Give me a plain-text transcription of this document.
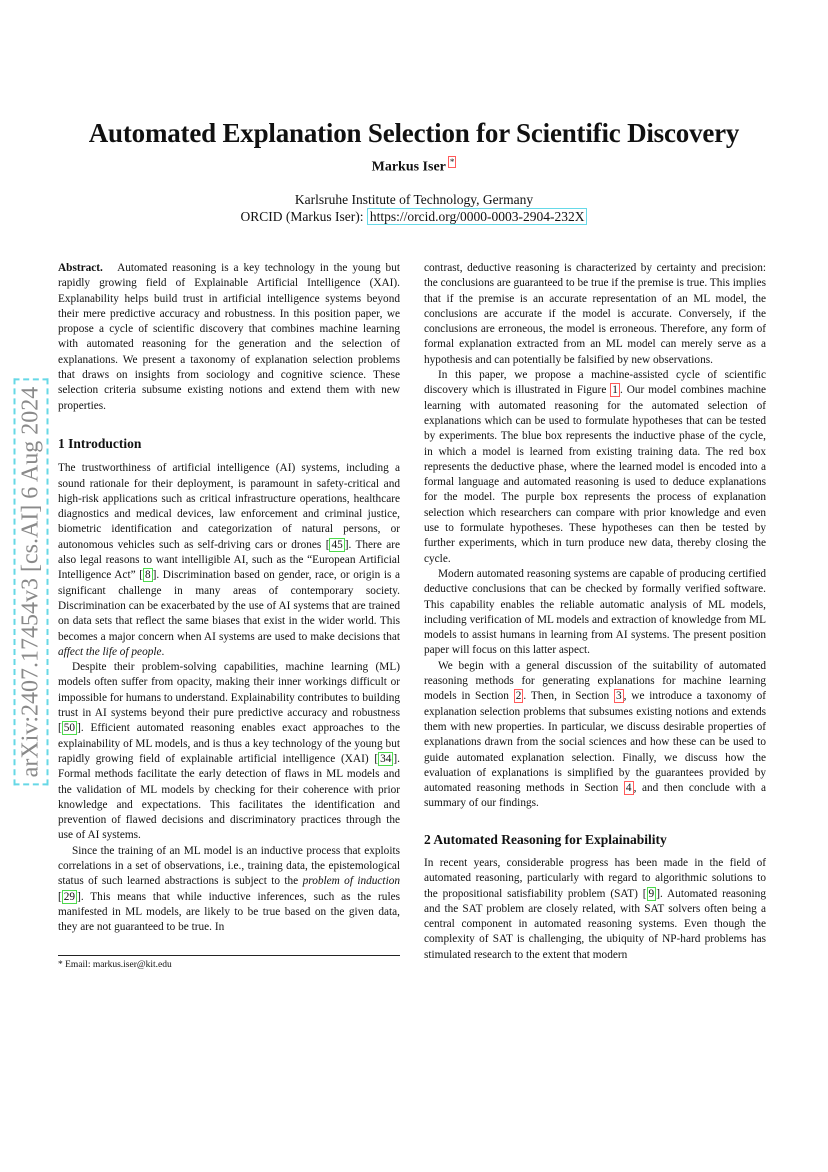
Automated Explanation Selection for Scientific Discovery
Markus Iser *
Karlsruhe Institute of Technology, Germany
ORCID (Markus Iser): https://orcid.org/0000-0003-2904-232X
arXiv:2407.17454v3 [cs.AI] 6 Aug 2024

Abstract. Automated reasoning is a key technology in the young but rapidly growing field of Explainable Artificial Intelligence (XAI). Explanability helps build trust in artificial intelligence systems beyond their mere predictive accuracy and robustness. In this position paper, we propose a cycle of scientific discovery that combines machine learning with automated reasoning for the generation and the selection of explanations. We present a taxonomy of explanation selection problems that draws on insights from sociology and cognitive science. These selection criteria subsume existing notions and extend them with new properties.

1 Introduction

The trustworthiness of artificial intelligence (AI) systems, including a sound rationale for their deployment, is paramount in safety-critical and high-risk applications such as critical infrastructure operations, healthcare diagnostics and medical devices, law enforcement and criminal justice, biometric identification and categorization of natural persons, or autonomous vehicles such as self-driving cars or drones [ 45 ]. There are also legal reasons to want intelligible AI, such as the “European Artificial Intelligence Act” [ 8 ]. Discrimination based on gender, race, or origin is a significant challenge in many areas of contemporary society. Discrimination can be exacerbated by the use of AI systems that are trained on data sets that reflect the same biases that exist in the wider world. This becomes a major concern when AI systems are used to make decisions that affect the life of people.

Despite their problem-solving capabilities, machine learning (ML) models often suffer from opacity, making their inner workings difficult or impossible for humans to understand. Explainability contributes to building trust in AI systems beyond their pure predictive accuracy and robustness [ 50 ]. Efficient automated reasoning enables exact approaches to the explainability of ML models, and is thus a key technology of the young but rapidly growing field of explainable artificial intelligence (XAI) [ 34 ]. Formal methods facilitate the early detection of flaws in ML models and the validation of ML models by checking for their coherence with prior knowledge and expectations. This facilitates the identification and prevention of flawed decisions and discriminatory practices through the use of AI systems.

Since the training of an ML model is an inductive process that exploits correlations in a set of observations, i.e., training data, the epistemological status of such learned abstractions is subject to the problem of induction [ 29 ]. This means that while inductive inferences, such as the rules manifested in ML models, are likely to be true based on the given data, they are not guaranteed to be true. In

* Email: markus.iser@kit.edu

contrast, deductive reasoning is characterized by certainty and precision: the conclusions are guaranteed to be true if the premise is true. This implies that if the premise is an accurate representation of an ML model, the conclusions are accurate if the model is accurate. Conversely, if the conclusions are erroneous, the model is erroneous. Therefore, any form of formal explanation extracted from an ML model can merely serve as a hypothesis and can potentially be falsified by new observations.

In this paper, we propose a machine-assisted cycle of scientific discovery which is illustrated in Figure 1 . Our model combines machine learning with automated reasoning for the automated selection of explanations which can be used to formulate hypotheses that can be tested by experiments. The blue box represents the inductive phase of the cycle, in which a model is learned from existing training data. The red box represents the deductive phase, where the learned model is encoded into a formal language and automated reasoning is used to deduce explanations for the model. The purple box represents the process of explanation selection which researchers can compare with prior knowledge and even use to formulate hypotheses. These hypotheses can then be tested by further experiments, which in turn produce new data, thereby closing the cycle.

Modern automated reasoning systems are capable of producing certified deductive conclusions that can be checked by formally verified software. This capability enables the reliable automatic analysis of ML models, including verification of ML models and extraction of knowledge from ML models to assist humans in learning from AI systems. The present position paper will focus on this latter aspect.

We begin with a general discussion of the suitability of automated reasoning methods for generating explanations for machine learning models in Section 2 . Then, in Section 3 , we introduce a taxonomy of explanation selection problems that subsumes existing notions and extends them with new properties. In particular, we discuss desirable properties of explanations drawn from the social sciences and how these can be used to guide automated explanation selection. Finally, we discuss how the evaluation of explanations is simplified by the guarantees provided by automated reasoning methods in Section 4 , and then conclude with a summary of our findings.

2 Automated Reasoning for Explainability

In recent years, considerable progress has been made in the field of automated reasoning, particularly with regard to algorithmic solutions to the propositional satisfiability problem (SAT) [ 9 ]. Automated reasoning and the SAT problem are closely related, with SAT solvers often being a central component in automated reasoning systems. Even though the complexity of SAT is challenging, the ubiquity of NP-hard problems has stimulated research to the extent that modern
